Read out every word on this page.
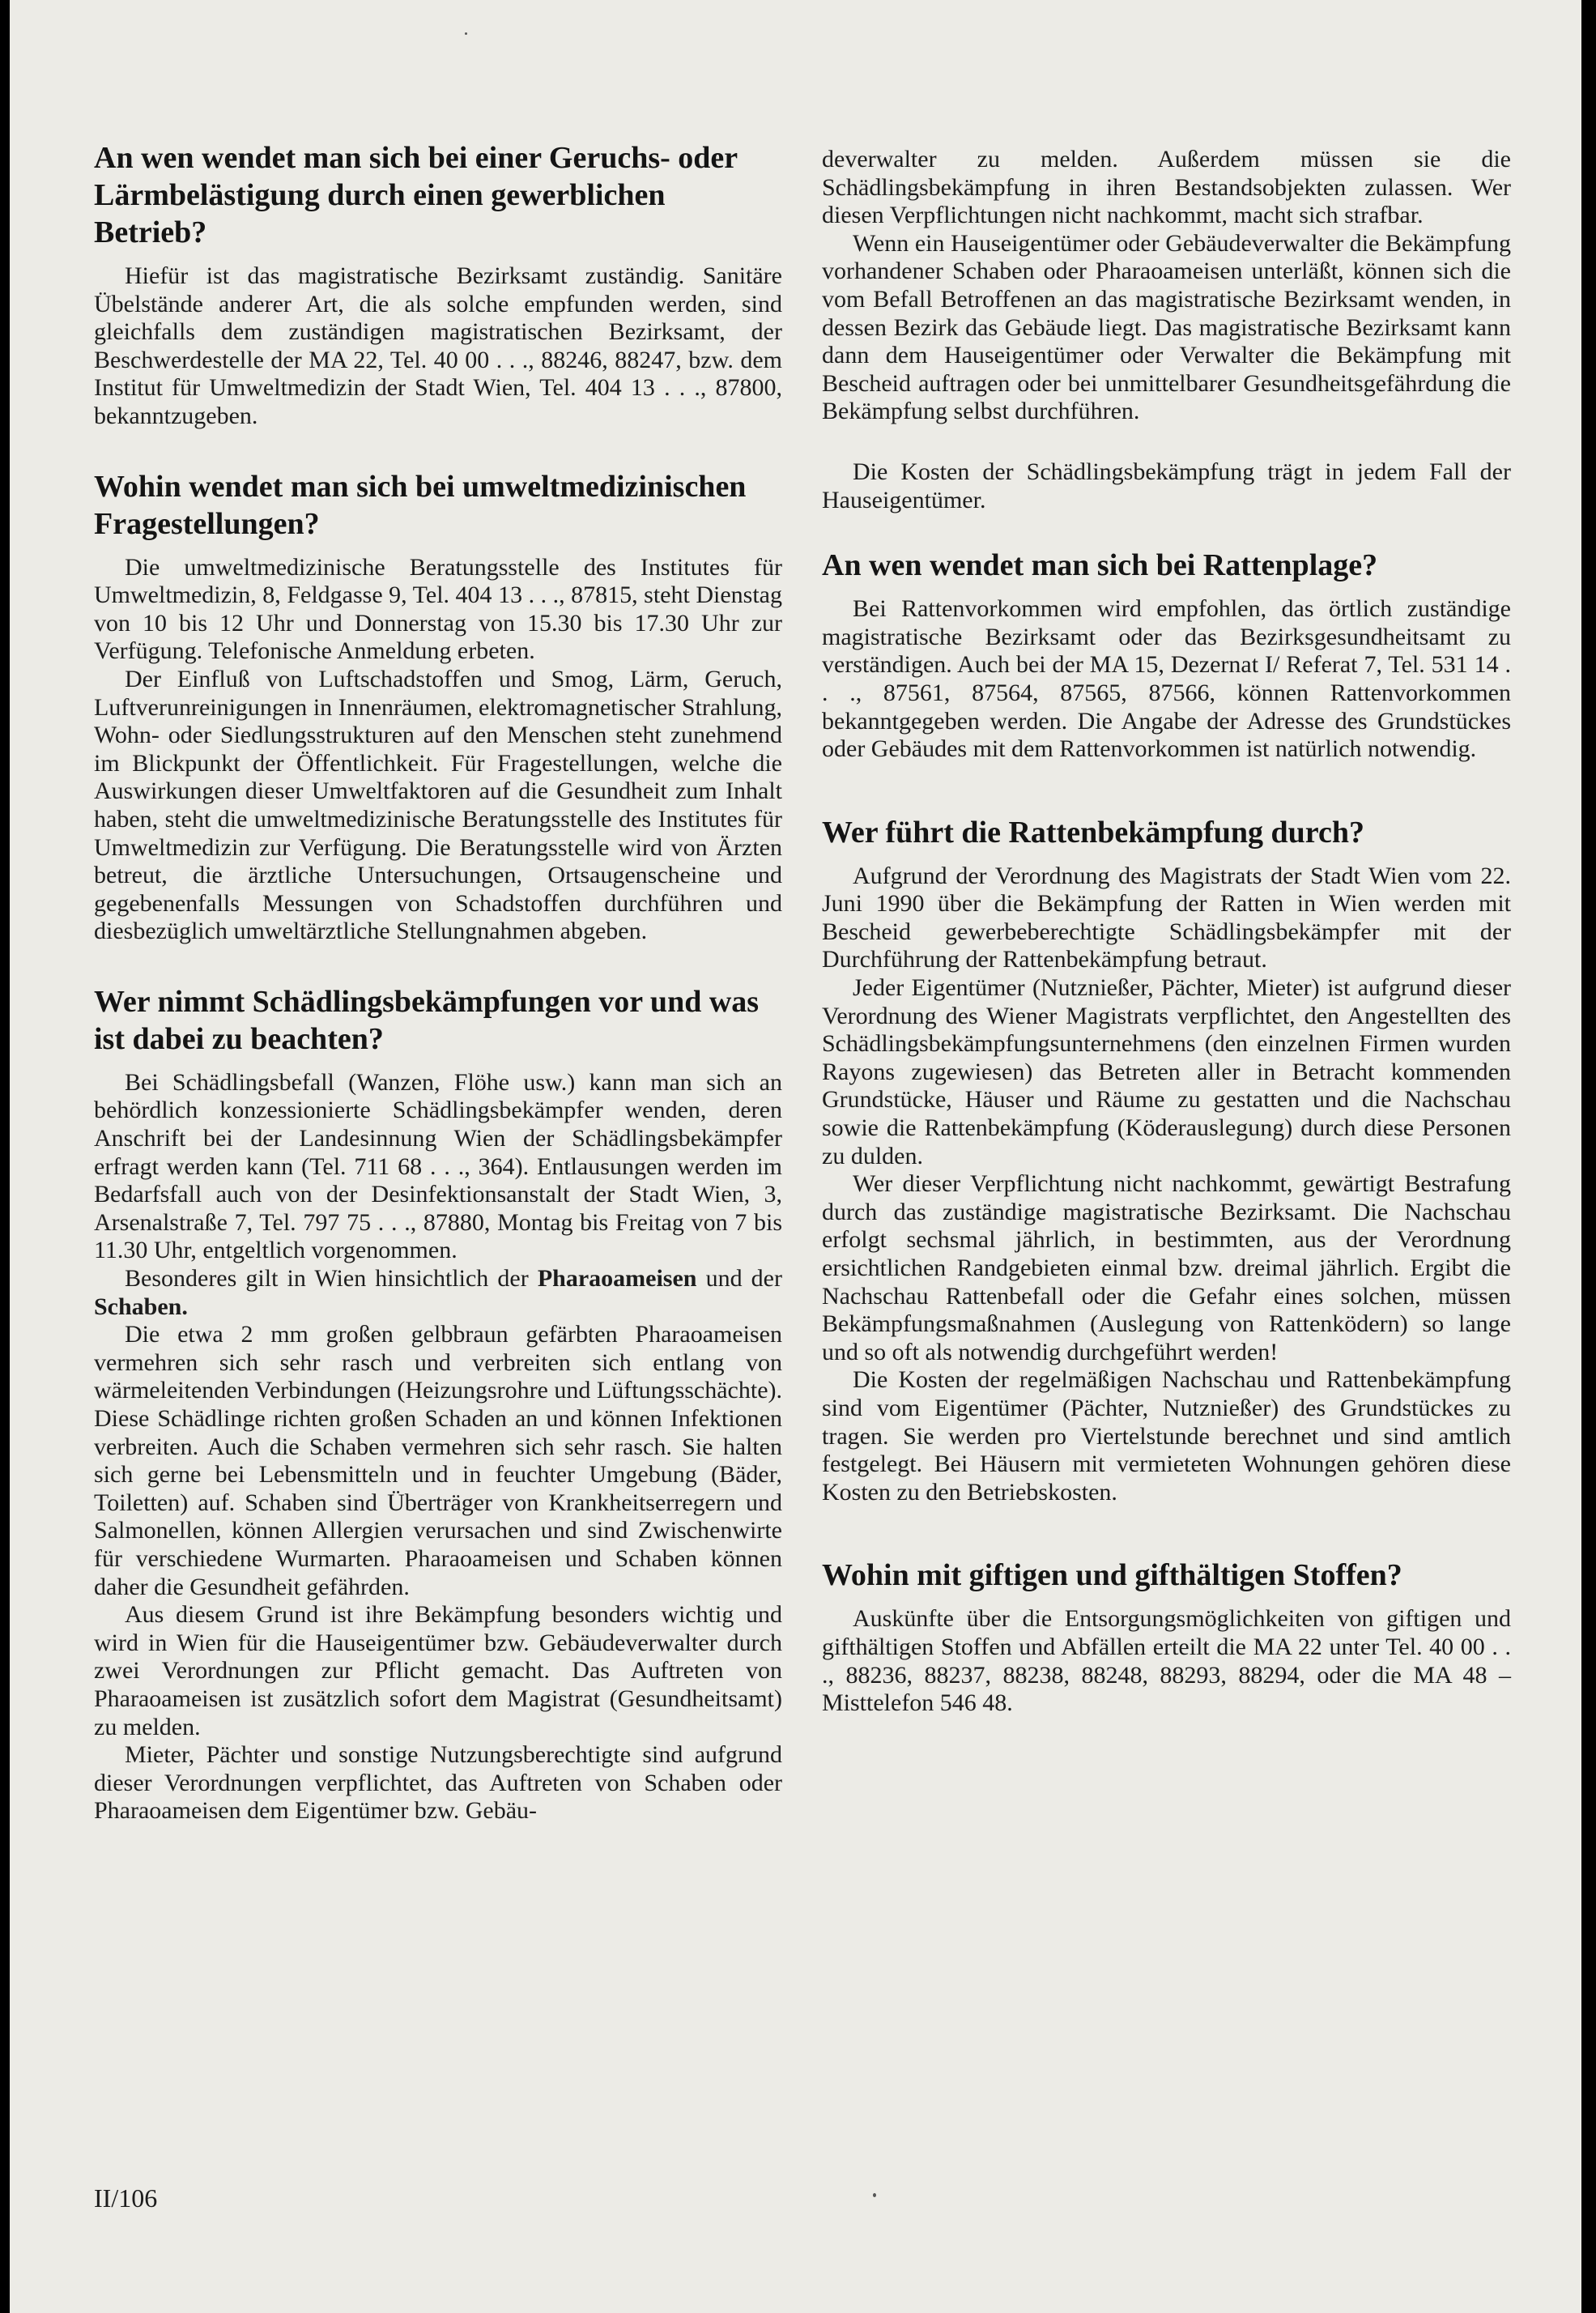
An wen wendet man sich bei einer Geruchs- oder Lärmbelästigung durch einen gewerblichen Betrieb?

Hiefür ist das magistratische Bezirksamt zuständig. Sanitäre Übelstände anderer Art, die als solche empfunden werden, sind gleichfalls dem zuständigen magistratischen Bezirksamt, der Beschwerdestelle der MA 22, Tel. 40 00 . . ., 88246, 88247, bzw. dem Institut für Umweltmedizin der Stadt Wien, Tel. 404 13 . . ., 87800, bekanntzugeben.

Wohin wendet man sich bei umweltmedizinischen Fragestellungen?

Die umweltmedizinische Beratungsstelle des Institutes für Umweltmedizin, 8, Feldgasse 9, Tel. 404 13 . . ., 87815, steht Dienstag von 10 bis 12 Uhr und Donnerstag von 15.30 bis 17.30 Uhr zur Verfügung. Telefonische Anmeldung erbeten.

Der Einfluß von Luftschadstoffen und Smog, Lärm, Geruch, Luftverunreinigungen in Innenräumen, elektromagnetischer Strahlung, Wohn- oder Siedlungsstrukturen auf den Menschen steht zunehmend im Blickpunkt der Öffentlichkeit. Für Fragestellungen, welche die Auswirkungen dieser Umweltfaktoren auf die Gesundheit zum Inhalt haben, steht die umweltmedizinische Beratungsstelle des Institutes für Umweltmedizin zur Verfügung. Die Beratungsstelle wird von Ärzten betreut, die ärztliche Untersuchungen, Ortsaugenscheine und gegebenenfalls Messungen von Schadstoffen durchführen und diesbezüglich umweltärztliche Stellungnahmen abgeben.

Wer nimmt Schädlingsbekämpfungen vor und was ist dabei zu beachten?

Bei Schädlingsbefall (Wanzen, Flöhe usw.) kann man sich an behördlich konzessionierte Schädlingsbekämpfer wenden, deren Anschrift bei der Landesinnung Wien der Schädlingsbekämpfer erfragt werden kann (Tel. 711 68 . . ., 364). Entlausungen werden im Bedarfsfall auch von der Desinfektionsanstalt der Stadt Wien, 3, Arsenalstraße 7, Tel. 797 75 . . ., 87880, Montag bis Freitag von 7 bis 11.30 Uhr, entgeltlich vorgenommen.

Besonderes gilt in Wien hinsichtlich der Pharaoameisen und der Schaben.

Die etwa 2 mm großen gelbbraun gefärbten Pharaoameisen vermehren sich sehr rasch und verbreiten sich entlang von wärmeleitenden Verbindungen (Heizungsrohre und Lüftungsschächte). Diese Schädlinge richten großen Schaden an und können Infektionen verbreiten. Auch die Schaben vermehren sich sehr rasch. Sie halten sich gerne bei Lebensmitteln und in feuchter Umgebung (Bäder, Toiletten) auf. Schaben sind Überträger von Krankheitserregern und Salmonellen, können Allergien verursachen und sind Zwischenwirte für verschiedene Wurmarten. Pharaoameisen und Schaben können daher die Gesundheit gefährden.

Aus diesem Grund ist ihre Bekämpfung besonders wichtig und wird in Wien für die Hauseigentümer bzw. Gebäudeverwalter durch zwei Verordnungen zur Pflicht gemacht. Das Auftreten von Pharaoameisen ist zusätzlich sofort dem Magistrat (Gesundheitsamt) zu melden.

Mieter, Pächter und sonstige Nutzungsberechtigte sind aufgrund dieser Verordnungen verpflichtet, das Auftreten von Schaben oder Pharaoameisen dem Eigentümer bzw. Gebäu-

deverwalter zu melden. Außerdem müssen sie die Schädlingsbekämpfung in ihren Bestandsobjekten zulassen. Wer diesen Verpflichtungen nicht nachkommt, macht sich strafbar.

Wenn ein Hauseigentümer oder Gebäudeverwalter die Bekämpfung vorhandener Schaben oder Pharaoameisen unterläßt, können sich die vom Befall Betroffenen an das magistratische Bezirksamt wenden, in dessen Bezirk das Gebäude liegt. Das magistratische Bezirksamt kann dann dem Hauseigentümer oder Verwalter die Bekämpfung mit Bescheid auftragen oder bei unmittelbarer Gesundheitsgefährdung die Bekämpfung selbst durchführen.

Die Kosten der Schädlingsbekämpfung trägt in jedem Fall der Hauseigentümer.

An wen wendet man sich bei Rattenplage?

Bei Rattenvorkommen wird empfohlen, das örtlich zuständige magistratische Bezirksamt oder das Bezirksgesundheitsamt zu verständigen. Auch bei der MA 15, Dezernat I/ Referat 7, Tel. 531 14 . . ., 87561, 87564, 87565, 87566, können Rattenvorkommen bekanntgegeben werden. Die Angabe der Adresse des Grundstückes oder Gebäudes mit dem Rattenvorkommen ist natürlich notwendig.

Wer führt die Rattenbekämpfung durch?

Aufgrund der Verordnung des Magistrats der Stadt Wien vom 22. Juni 1990 über die Bekämpfung der Ratten in Wien werden mit Bescheid gewerbeberechtigte Schädlingsbekämpfer mit der Durchführung der Rattenbekämpfung betraut.

Jeder Eigentümer (Nutznießer, Pächter, Mieter) ist aufgrund dieser Verordnung des Wiener Magistrats verpflichtet, den Angestellten des Schädlingsbekämpfungsunternehmens (den einzelnen Firmen wurden Rayons zugewiesen) das Betreten aller in Betracht kommenden Grundstücke, Häuser und Räume zu gestatten und die Nachschau sowie die Rattenbekämpfung (Köderauslegung) durch diese Personen zu dulden.

Wer dieser Verpflichtung nicht nachkommt, gewärtigt Bestrafung durch das zuständige magistratische Bezirksamt. Die Nachschau erfolgt sechsmal jährlich, in bestimmten, aus der Verordnung ersichtlichen Randgebieten einmal bzw. dreimal jährlich. Ergibt die Nachschau Rattenbefall oder die Gefahr eines solchen, müssen Bekämpfungsmaßnahmen (Auslegung von Rattenködern) so lange und so oft als notwendig durchgeführt werden!

Die Kosten der regelmäßigen Nachschau und Rattenbekämpfung sind vom Eigentümer (Pächter, Nutznießer) des Grundstückes zu tragen. Sie werden pro Viertelstunde berechnet und sind amtlich festgelegt. Bei Häusern mit vermieteten Wohnungen gehören diese Kosten zu den Betriebskosten.

Wohin mit giftigen und gifthältigen Stoffen?

Auskünfte über die Entsorgungsmöglichkeiten von giftigen und gifthältigen Stoffen und Abfällen erteilt die MA 22 unter Tel. 40 00 . . ., 88236, 88237, 88238, 88248, 88293, 88294, oder die MA 48 – Misttelefon 546 48.

II/106
